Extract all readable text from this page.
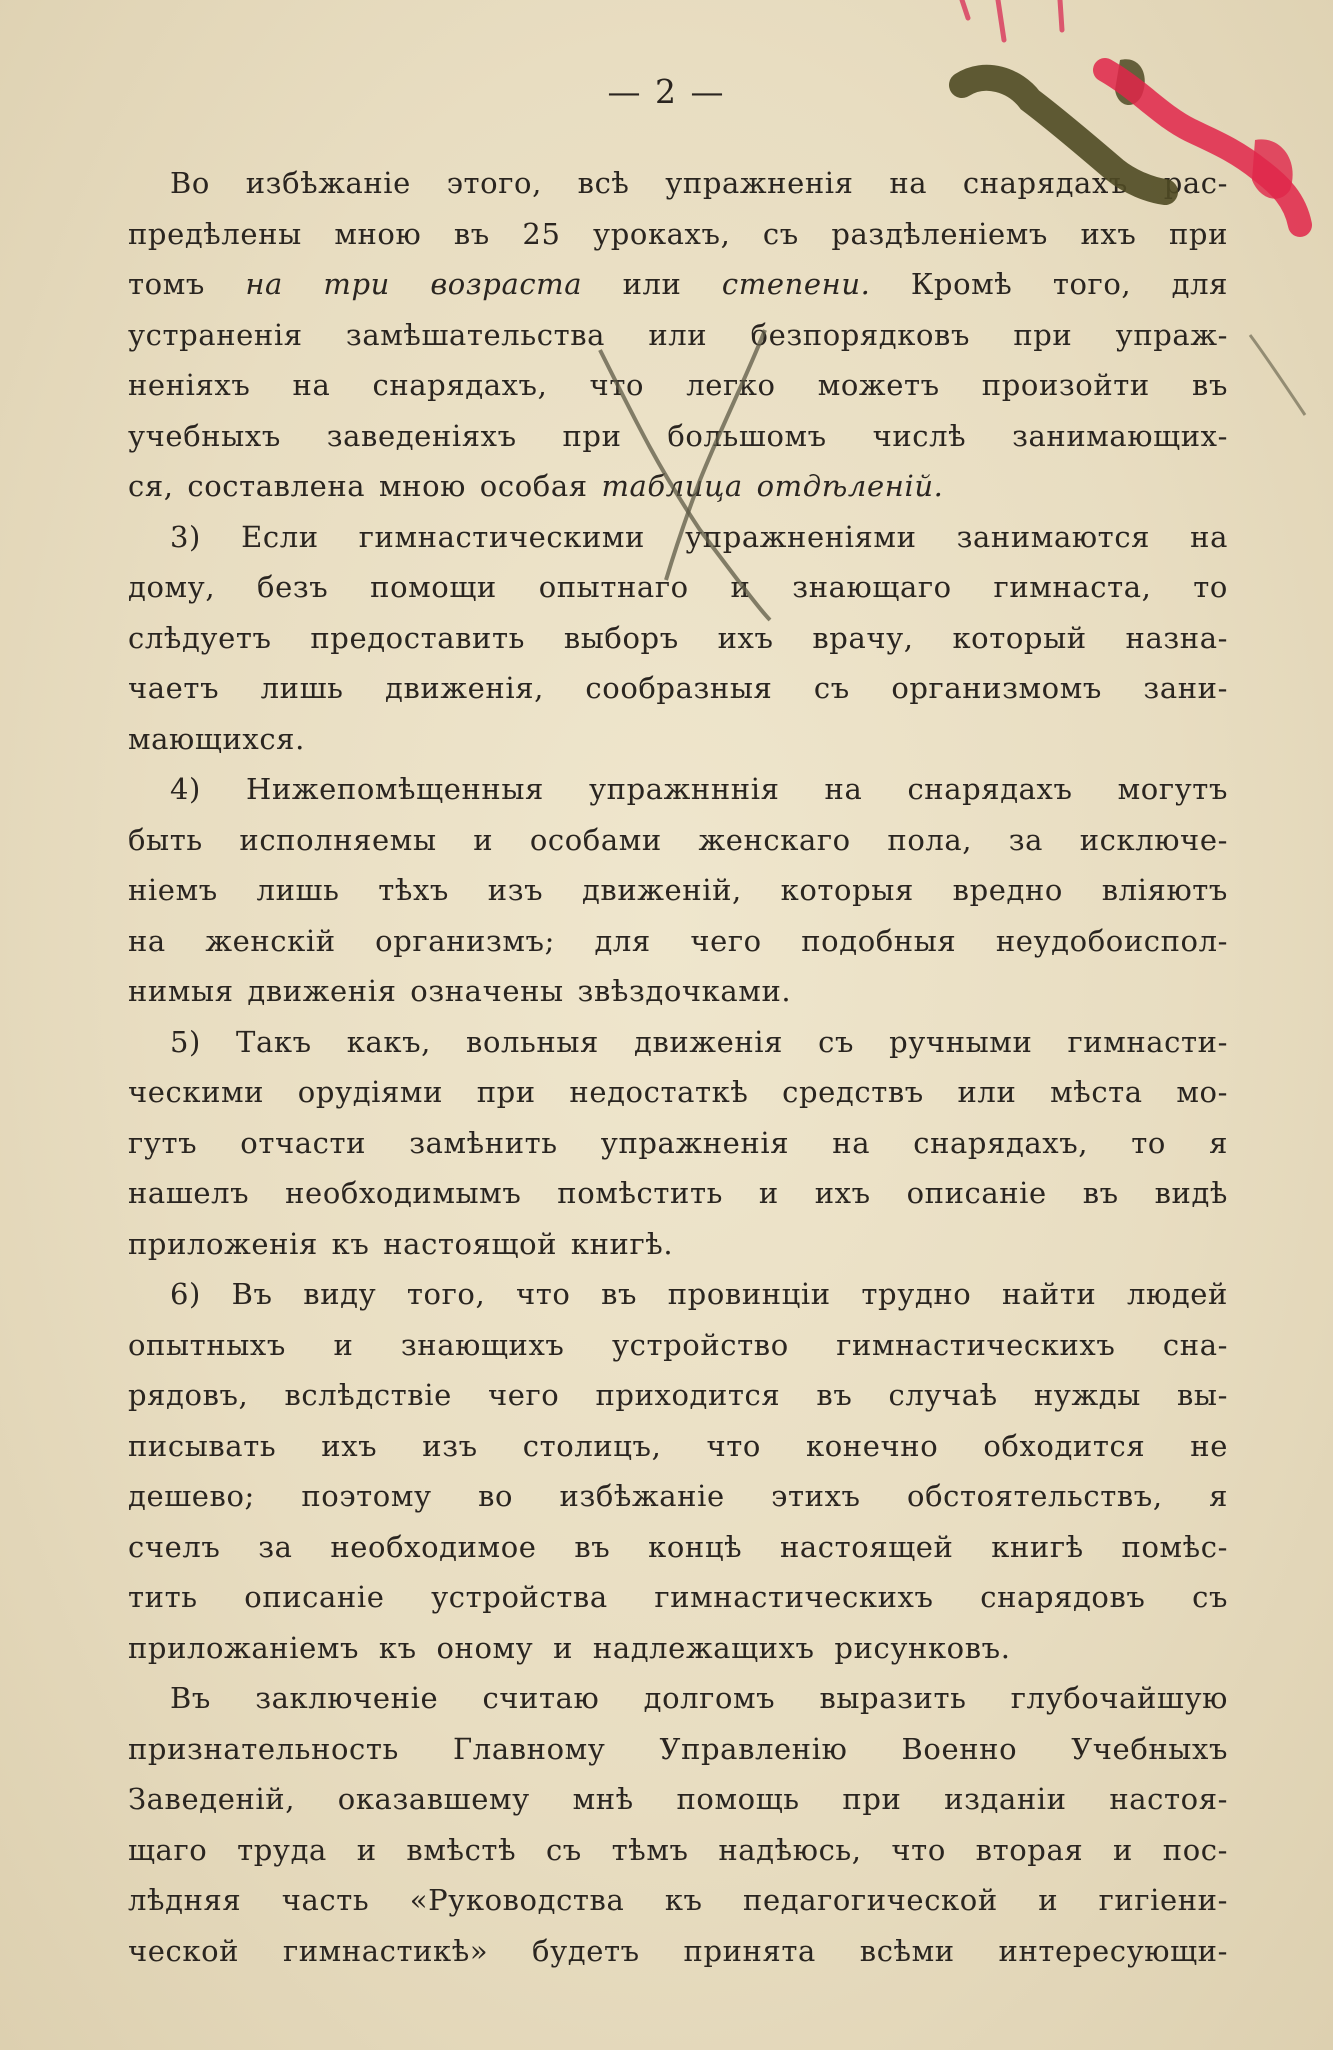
— 2 —
Во избѣжаніе этого, всѣ упражненія на снарядахъ рас-
предѣлены мною въ 25 урокахъ, съ раздѣленіемъ ихъ при
томъ на три возраста или степени. Кромѣ того, для
устраненія замѣшательства или безпорядковъ при упраж-
неніяхъ на снарядахъ, что легко можетъ произойти въ
учебныхъ заведеніяхъ при большомъ числѣ занимающих-
ся, составлена мною особая таблица отдѣленій.
3) Если гимнастическими упражненіями занимаются на
дому, безъ помощи опытнаго и знающаго гимнаста, то
слѣдуетъ предоставить выборъ ихъ врачу, который назна-
чаетъ лишь движенія, сообразныя съ организмомъ зани-
мающихся.
4) Нижепомѣщенныя упражнннія на снарядахъ могутъ
быть исполняемы и особами женскаго пола, за исключе-
ніемъ лишь тѣхъ изъ движеній, которыя вредно вліяютъ
на женскій организмъ; для чего подобныя неудобоиспол-
нимыя движенія означены звѣздочками.
5) Такъ какъ, вольныя движенія съ ручными гимнасти-
ческими орудіями при недостаткѣ средствъ или мѣста мо-
гутъ отчасти замѣнить упражненія на снарядахъ, то я
нашелъ необходимымъ помѣстить и ихъ описаніе въ видѣ
приложенія къ настоящой книгѣ.
6) Въ виду того, что въ провинціи трудно найти людей
опытныхъ и знающихъ устройство гимнастическихъ сна-
рядовъ, вслѣдствіе чего приходится въ случаѣ нужды вы-
писывать ихъ изъ столицъ, что конечно обходится не
дешево; поэтому во избѣжаніе этихъ обстоятельствъ, я
счелъ за необходимое въ концѣ настоящей книгѣ помѣс-
тить описаніе устройства гимнастическихъ снарядовъ съ
приложаніемъ къ оному и надлежащихъ рисунковъ.
Въ заключеніе считаю долгомъ выразить глубочайшую
признательность Главному Управленію Военно Учебныхъ
Заведеній, оказавшему мнѣ помощь при изданіи настоя-
щаго труда и вмѣстѣ съ тѣмъ надѣюсь, что вторая и пос-
лѣдняя часть «Руководства къ педагогической и гигіени-
ческой гимнастикѣ» будетъ принята всѣми интересующи-
